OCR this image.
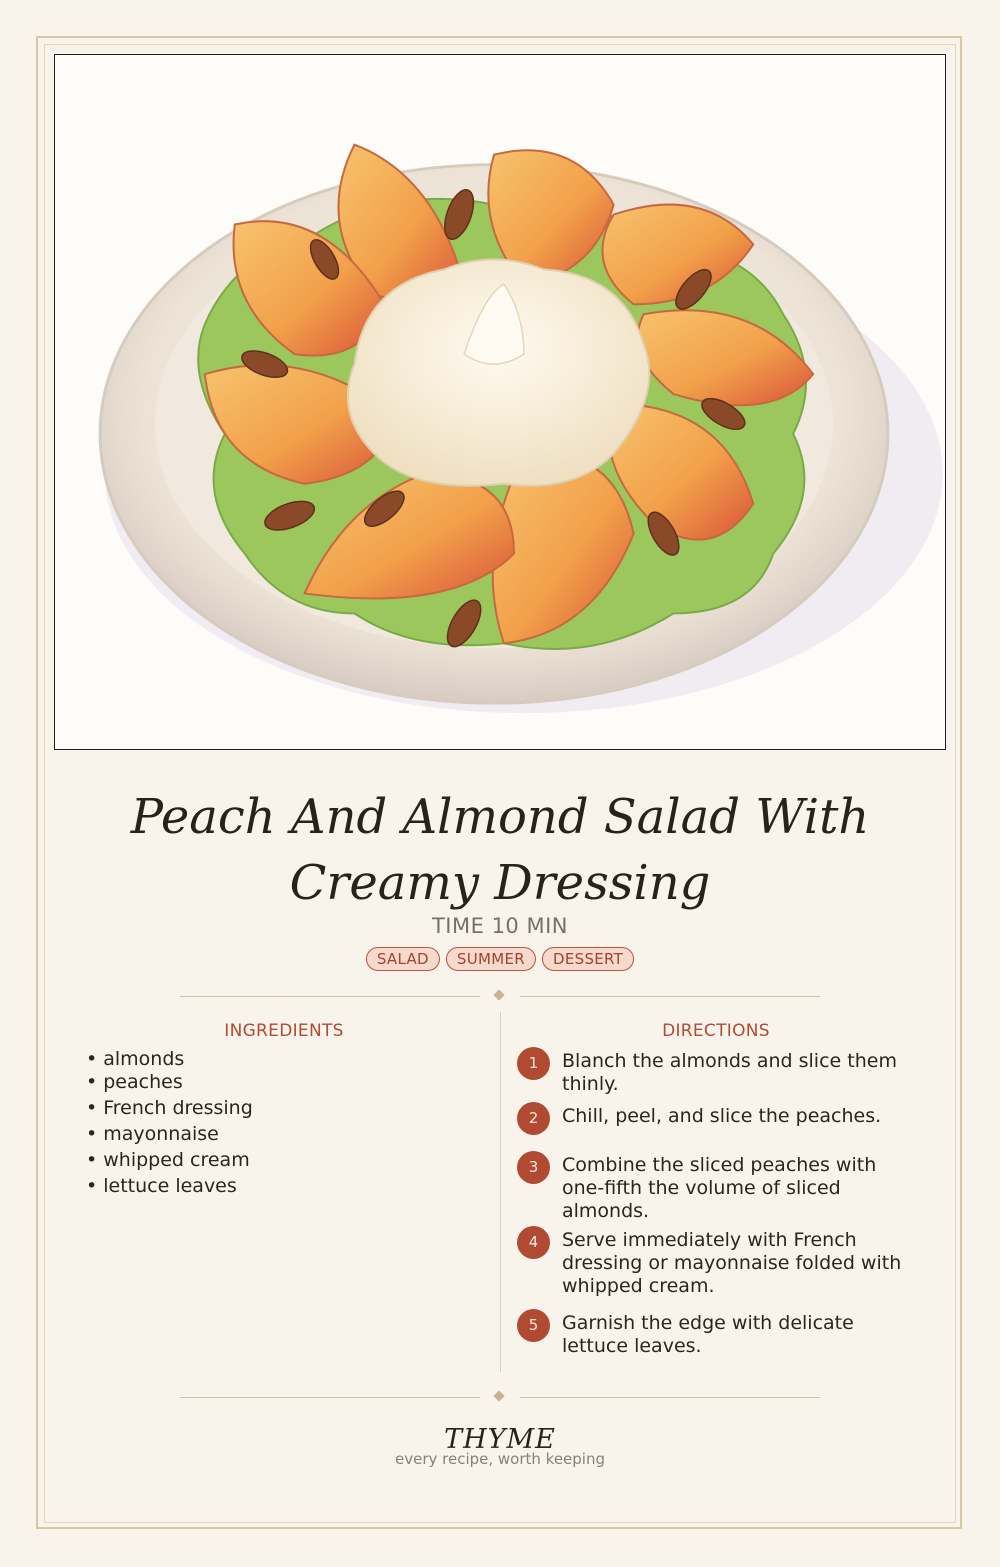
Peach And Almond Salad With Creamy Dressing
TIME 10 MIN
SALAD SUMMER DESSERT
INGREDIENTS
• almonds
• peaches
• French dressing
• mayonnaise
• whipped cream
• lettuce leaves
DIRECTIONS
1	Blanch the almonds and slice them thinly.
2	Chill, peel, and slice the peaches.
3	Combine the sliced peaches with one-fifth the volume of sliced almonds.
4	Serve immediately with French dressing or mayonnaise folded with whipped cream.
5	Garnish the edge with delicate lettuce leaves.
THYME
every recipe, worth keeping
